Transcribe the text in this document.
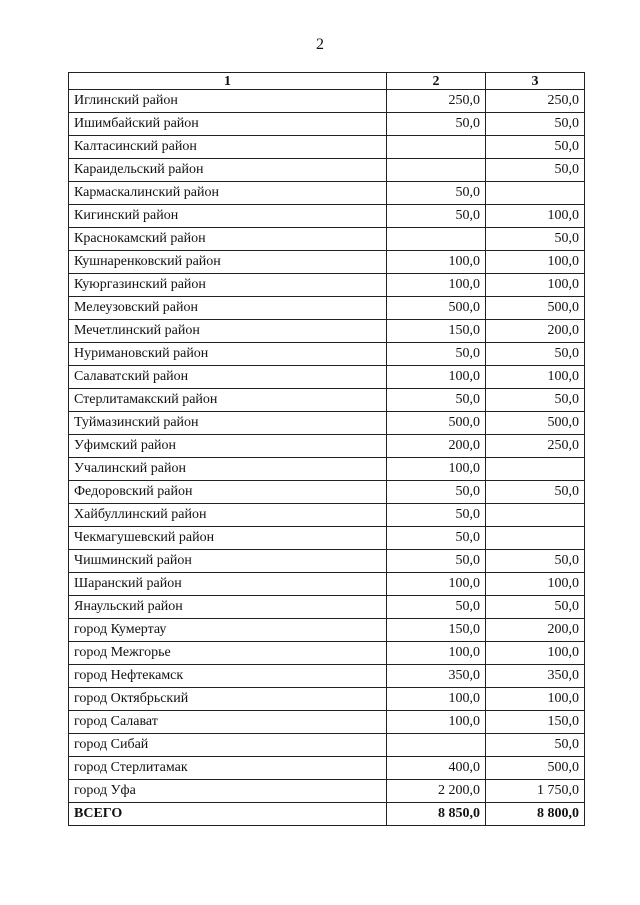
2
1	2	3
Иглинский район	250,0	250,0
Ишимбайский район	50,0	50,0
Калтасинский район		50,0
Караидельский район		50,0
Кармаскалинский район	50,0	
Кигинский район	50,0	100,0
Краснокамский район		50,0
Кушнаренковский район	100,0	100,0
Куюргазинский район	100,0	100,0
Мелеузовский район	500,0	500,0
Мечетлинский район	150,0	200,0
Нуримановский район	50,0	50,0
Салаватский район	100,0	100,0
Стерлитамакский район	50,0	50,0
Туймазинский район	500,0	500,0
Уфимский район	200,0	250,0
Учалинский район	100,0	
Федоровский район	50,0	50,0
Хайбуллинский район	50,0	
Чекмагушевский район	50,0	
Чишминский район	50,0	50,0
Шаранский район	100,0	100,0
Янаульский район	50,0	50,0
город Кумертау	150,0	200,0
город Межгорье	100,0	100,0
город Нефтекамск	350,0	350,0
город Октябрьский	100,0	100,0
город Салават	100,0	150,0
город Сибай		50,0
город Стерлитамак	400,0	500,0
город Уфа	2 200,0	1 750,0
ВСЕГО	8 850,0	8 800,0
